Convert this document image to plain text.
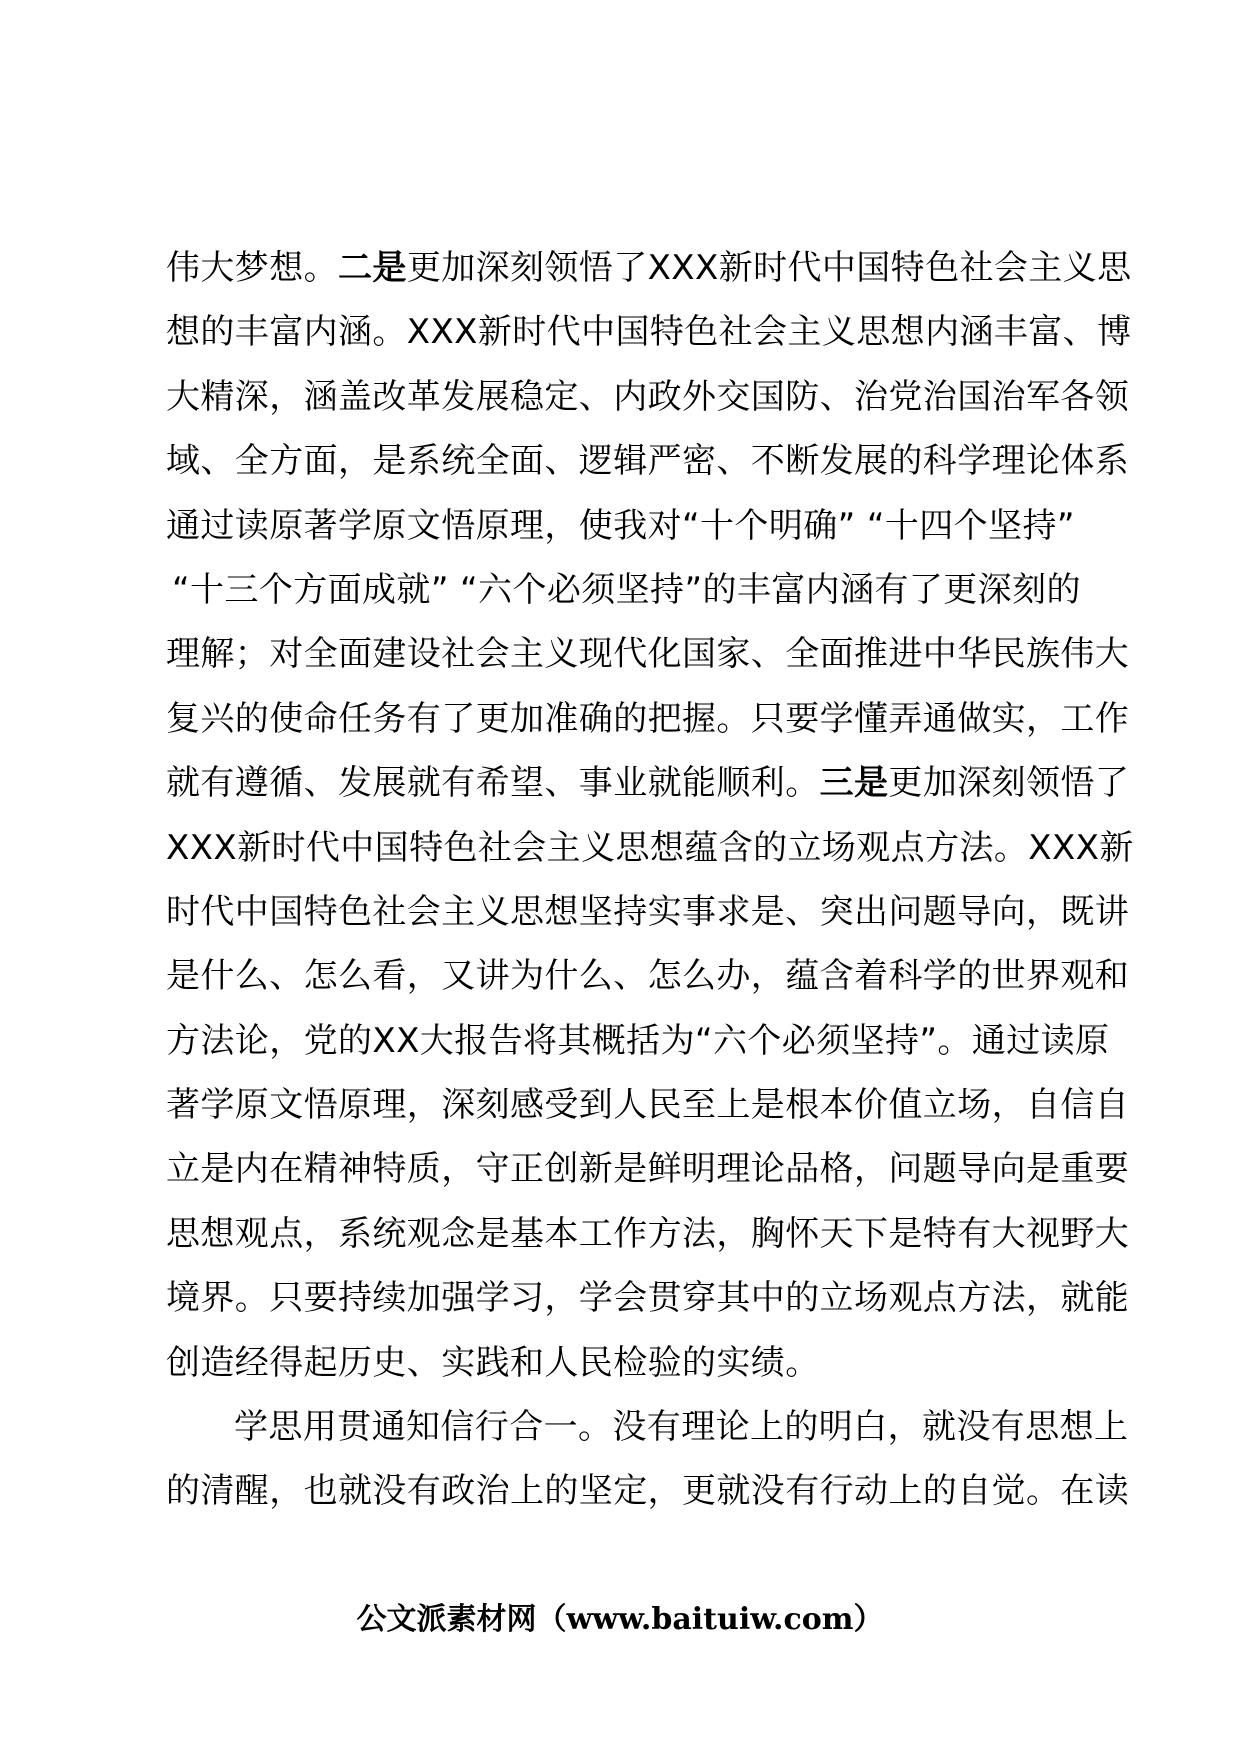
伟大梦想。二是更加深刻领悟了XXX新时代中国特色社会主义思
想的丰富内涵。XXX新时代中国特色社会主义思想内涵丰富、博
大精深，涵盖改革发展稳定、内政外交国防、治党治国治军各领
域、全方面，是系统全面、逻辑严密、不断发展的科学理论体系
通过读原著学原文悟原理，使我对“十个明确” “十四个坚持”
“十三个方面成就” “六个必须坚持”的丰富内涵有了更深刻的
理解；对全面建设社会主义现代化国家、全面推进中华民族伟大
复兴的使命任务有了更加准确的把握。只要学懂弄通做实，工作
就有遵循、发展就有希望、事业就能顺利。三是更加深刻领悟了
XXX新时代中国特色社会主义思想蕴含的立场观点方法。XXX新
时代中国特色社会主义思想坚持实事求是、突出问题导向，既讲
是什么、怎么看，又讲为什么、怎么办，蕴含着科学的世界观和
方法论，党的XX大报告将其概括为“六个必须坚持”。通过读原
著学原文悟原理，深刻感受到人民至上是根本价值立场，自信自
立是内在精神特质，守正创新是鲜明理论品格，问题导向是重要
思想观点，系统观念是基本工作方法，胸怀天下是特有大视野大
境界。只要持续加强学习，学会贯穿其中的立场观点方法，就能
创造经得起历史、实践和人民检验的实绩。
学思用贯通知信行合一。没有理论上的明白，就没有思想上
的清醒，也就没有政治上的坚定，更就没有行动上的自觉。在读
公文派素材网（www.baituiw.com）
